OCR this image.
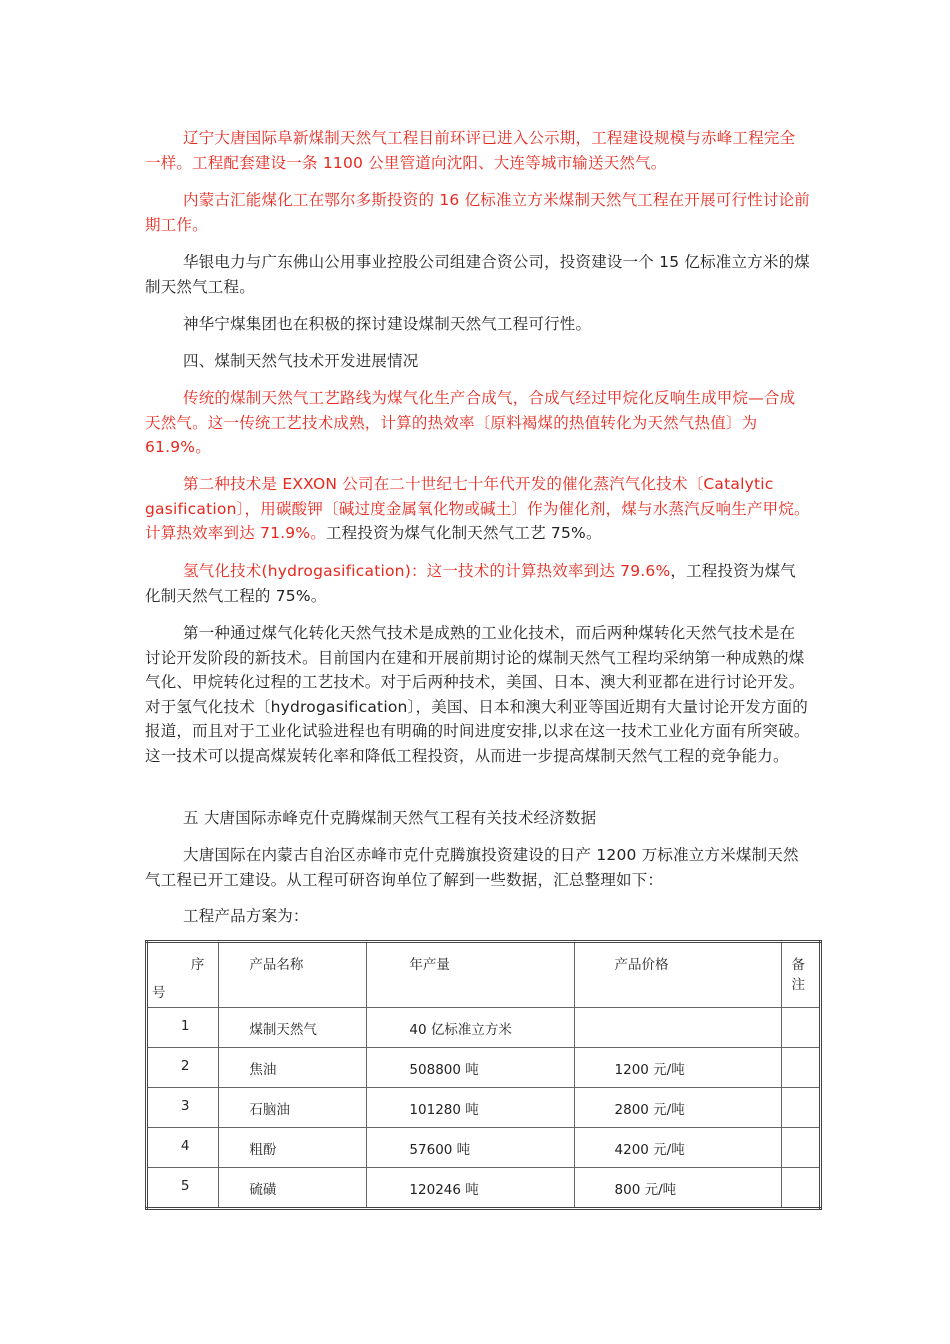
辽宁大唐国际阜新煤制天然气工程目前环评已进入公示期，工程建设规模与赤峰工程完全一样。工程配套建设一条 1100 公里管道向沈阳、大连等城市输送天然气。

内蒙古汇能煤化工在鄂尔多斯投资的 16 亿标准立方米煤制天然气工程在开展可行性讨论前期工作。

华银电力与广东佛山公用事业控股公司组建合资公司，投资建设一个 15 亿标准立方米的煤制天然气工程。

神华宁煤集团也在积极的探讨建设煤制天然气工程可行性。

四、煤制天然气技术开发进展情况

传统的煤制天然气工艺路线为煤气化生产合成气，合成气经过甲烷化反响生成甲烷—合成天然气。这一传统工艺技术成熟，计算的热效率〔原料褐煤的热值转化为天然气热值〕为 61.9%。

第二种技术是 EXXON 公司在二十世纪七十年代开发的催化蒸汽气化技术〔Catalytic gasification〕，用碳酸钾〔碱过度金属氧化物或碱土〕作为催化剂，煤与水蒸汽反响生产甲烷。计算热效率到达 71.9%。工程投资为煤气化制天然气工艺 75%。

氢气化技术(hydrogasification)：这一技术的计算热效率到达 79.6%，工程投资为煤气化制天然气工程的 75%。

第一种通过煤气化转化天然气技术是成熟的工业化技术，而后两种煤转化天然气技术是在讨论开发阶段的新技术。目前国内在建和开展前期讨论的煤制天然气工程均采纳第一种成熟的煤气化、甲烷转化过程的工艺技术。对于后两种技术，美国、日本、澳大利亚都在进行讨论开发。对于氢气化技术〔hydrogasification〕，美国、日本和澳大利亚等国近期有大量讨论开发方面的报道，而且对于工业化试验进程也有明确的时间进度安排,以求在这一技术工业化方面有所突破。这一技术可以提高煤炭转化率和降低工程投资，从而进一步提高煤制天然气工程的竞争能力。

五 大唐国际赤峰克什克腾煤制天然气工程有关技术经济数据

大唐国际在内蒙古自治区赤峰市克什克腾旗投资建设的日产 1200 万标准立方米煤制天然气工程已开工建设。从工程可研咨询单位了解到一些数据，汇总整理如下：

工程产品方案为：

序
号	产品名称	年产量	产品价格	备注
1	煤制天然气	40 亿标准立方米		
2	焦油	508800 吨	1200 元/吨	
3	石脑油	101280 吨	2800 元/吨	
4	粗酚	57600 吨	4200 元/吨	
5	硫磺	120246 吨	800 元/吨	
